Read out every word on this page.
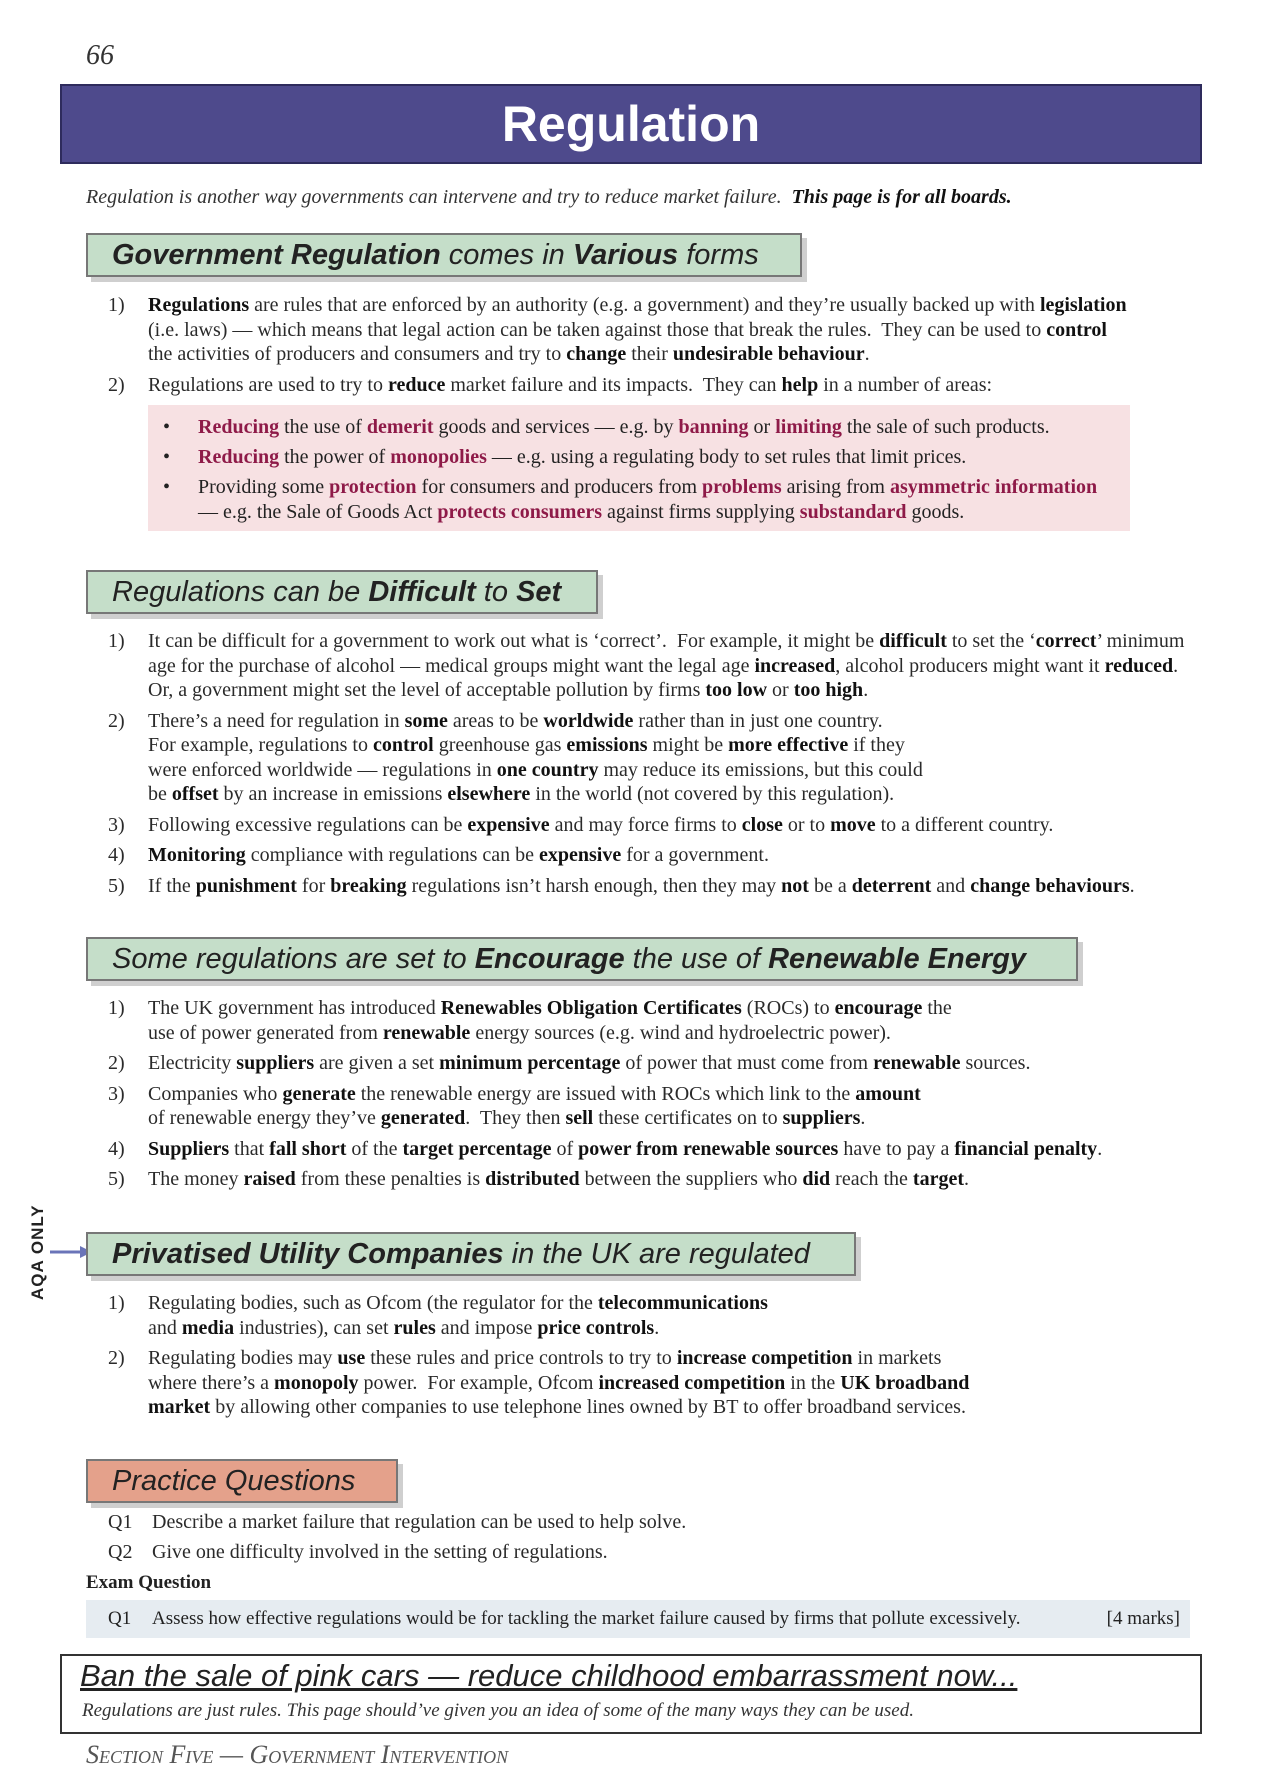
66
Regulation
Regulation is another way governments can intervene and try to reduce market failure. This page is for all boards.
Government Regulation comes in Various forms
1) Regulations are rules that are enforced by an authority (e.g. a government) and they’re usually backed up with legislation (i.e. laws) — which means that legal action can be taken against those that break the rules.  They can be used to control the activities of producers and consumers and try to change their undesirable behaviour.
2) Regulations are used to try to reduce market failure and its impacts.  They can help in a number of areas:
• Reducing the use of demerit goods and services — e.g. by banning or limiting the sale of such products.
• Reducing the power of monopolies — e.g. using a regulating body to set rules that limit prices.
• Providing some protection for consumers and producers from problems arising from asymmetric information — e.g. the Sale of Goods Act protects consumers against firms supplying substandard goods.
Regulations can be Difficult to Set
1) It can be difficult for a government to work out what is ‘correct’.  For example, it might be difficult to set the ‘correct’ minimum age for the purchase of alcohol — medical groups might want the legal age increased, alcohol producers might want it reduced.  Or, a government might set the level of acceptable pollution by firms too low or too high.
2) There’s a need for regulation in some areas to be worldwide rather than in just one country.
For example, regulations to control greenhouse gas emissions might be more effective if they
were enforced worldwide — regulations in one country may reduce its emissions, but this could
be offset by an increase in emissions elsewhere in the world (not covered by this regulation).
3) Following excessive regulations can be expensive and may force firms to close or to move to a different country.
4) Monitoring compliance with regulations can be expensive for a government.
5) If the punishment for breaking regulations isn’t harsh enough, then they may not be a deterrent and change behaviours.
Some regulations are set to Encourage the use of Renewable Energy
1) The UK government has introduced Renewables Obligation Certificates (ROCs) to encourage the
use of power generated from renewable energy sources (e.g. wind and hydroelectric power).
2) Electricity suppliers are given a set minimum percentage of power that must come from renewable sources.
3) Companies who generate the renewable energy are issued with ROCs which link to the amount
of renewable energy they’ve generated.  They then sell these certificates on to suppliers.
4) Suppliers that fall short of the target percentage of power from renewable sources have to pay a financial penalty.
5) The money raised from these penalties is distributed between the suppliers who did reach the target.
AQA ONLY	Privatised Utility Companies in the UK are regulated
1) Regulating bodies, such as Ofcom (the regulator for the telecommunications
and media industries), can set rules and impose price controls.
2) Regulating bodies may use these rules and price controls to try to increase competition in markets
where there’s a monopoly power.  For example, Ofcom increased competition in the UK broadband
market by allowing other companies to use telephone lines owned by BT to offer broadband services.
Practice Questions
Q1 Describe a market failure that regulation can be used to help solve.
Q2 Give one difficulty involved in the setting of regulations.
Exam Question
Q1 Assess how effective regulations would be for tackling the market failure caused by firms that pollute excessively.	[4 marks]
Ban the sale of pink cars — reduce childhood embarrassment now...
Regulations are just rules. This page should’ve given you an idea of some of the many ways they can be used.
Section Five — Government Intervention
